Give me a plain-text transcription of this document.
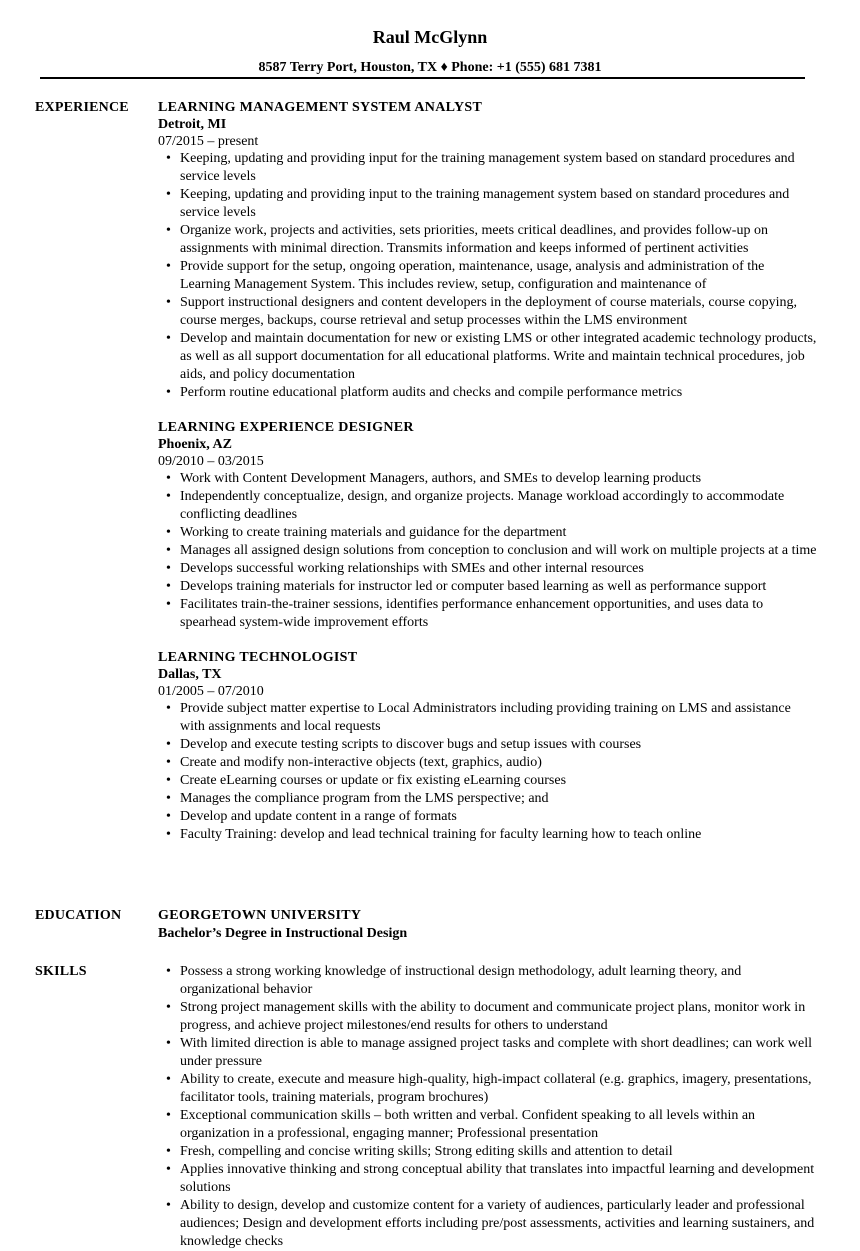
Raul McGlynn
8587 Terry Port, Houston, TX ♦ Phone: +1 (555) 681 7381
EXPERIENCE LEARNING MANAGEMENT SYSTEM ANALYST
Detroit, MI
07/2015 – present
• Keeping, updating and providing input for the training management system based on standard procedures and service levels
• Keeping, updating and providing input to the training management system based on standard procedures and service levels
• Organize work, projects and activities, sets priorities, meets critical deadlines, and provides follow-up on assignments with minimal direction. Transmits information and keeps informed of pertinent activities
• Provide support for the setup, ongoing operation, maintenance, usage, analysis and administration of the Learning Management System. This includes review, setup, configuration and maintenance of
• Support instructional designers and content developers in the deployment of course materials, course copying, course merges, backups, course retrieval and setup processes within the LMS environment
• Develop and maintain documentation for new or existing LMS or other integrated academic technology products, as well as all support documentation for all educational platforms. Write and maintain technical procedures, job aids, and policy documentation
• Perform routine educational platform audits and checks and compile performance metrics
LEARNING EXPERIENCE DESIGNER
Phoenix, AZ
09/2010 – 03/2015
• Work with Content Development Managers, authors, and SMEs to develop learning products
• Independently conceptualize, design, and organize projects. Manage workload accordingly to accommodate conflicting deadlines
• Working to create training materials and guidance for the department
• Manages all assigned design solutions from conception to conclusion and will work on multiple projects at a time
• Develops successful working relationships with SMEs and other internal resources
• Develops training materials for instructor led or computer based learning as well as performance support
• Facilitates train-the-trainer sessions, identifies performance enhancement opportunities, and uses data to spearhead system-wide improvement efforts
LEARNING TECHNOLOGIST
Dallas, TX
01/2005 – 07/2010
• Provide subject matter expertise to Local Administrators including providing training on LMS and assistance with assignments and local requests
• Develop and execute testing scripts to discover bugs and setup issues with courses
• Create and modify non-interactive objects (text, graphics, audio)
• Create eLearning courses or update or fix existing eLearning courses
• Manages the compliance program from the LMS perspective; and
• Develop and update content in a range of formats
• Faculty Training: develop and lead technical training for faculty learning how to teach online
EDUCATION	GEORGETOWN UNIVERSITY
Bachelor’s Degree in Instructional Design
SKILLS
•	Possess a strong working knowledge of instructional design methodology, adult learning theory, and organizational behavior
• Strong project management skills with the ability to document and communicate project plans, monitor work in progress, and achieve project milestones/end results for others to understand
• With limited direction is able to manage assigned project tasks and complete with short deadlines; can work well under pressure
• Ability to create, execute and measure high-quality, high-impact collateral (e.g. graphics, imagery, presentations, facilitator tools, training materials, program brochures)
• Exceptional communication skills – both written and verbal. Confident speaking to all levels within an organization in a professional, engaging manner; Professional presentation
• Fresh, compelling and concise writing skills; Strong editing skills and attention to detail
• Applies innovative thinking and strong conceptual ability that translates into impactful learning and development solutions
• Ability to design, develop and customize content for a variety of audiences, particularly leader and professional audiences; Design and development efforts including pre/post assessments, activities and learning sustainers, and knowledge checks
